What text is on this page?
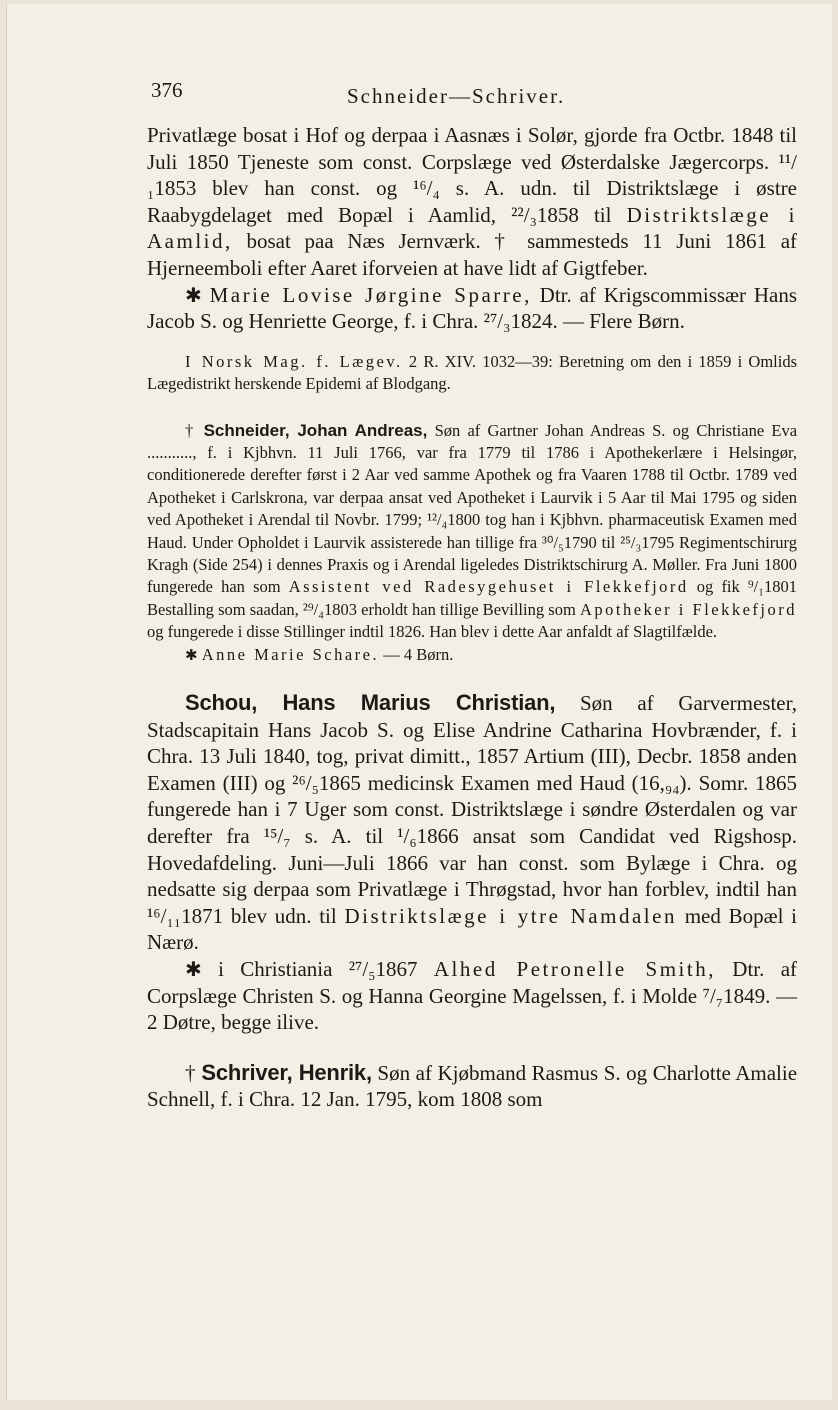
376	Schneider—Schriver.

Privatlæge bosat i Hof og derpaa i Aasnæs i Solør, gjorde fra Octbr. 1848 til Juli 1850 Tjeneste som const. Corpslæge ved Østerdalske Jægercorps. ¹¹/₁1853 blev han const. og ¹⁶/₄ s. A. udn. til Distriktslæge i østre Raabygdelaget med Bopæl i Aamlid, ²²/₃1858 til Distriktslæge i Aamlid, bosat paa Næs Jernværk. † sammesteds 11 Juni 1861 af Hjerneemboli efter Aaret iforveien at have lidt af Gigtfeber.

✱ Marie Lovise Jørgine Sparre, Dtr. af Krigscommissær Hans Jacob S. og Henriette George, f. i Chra. ²⁷/₃1824. — Flere Børn.

I Norsk Mag. f. Lægev. 2 R. XIV. 1032—39: Beretning om den i 1859 i Omlids Lægedistrikt herskende Epidemi af Blodgang.

† Schneider, Johan Andreas, Søn af Gartner Johan Andreas S. og Christiane Eva ..........., f. i Kjbhvn. 11 Juli 1766, var fra 1779 til 1786 i Apothekerlære i Helsingør, conditionerede derefter først i 2 Aar ved samme Apothek og fra Vaaren 1788 til Octbr. 1789 ved Apotheket i Carlskrona, var derpaa ansat ved Apotheket i Laurvik i 5 Aar til Mai 1795 og siden ved Apotheket i Arendal til Novbr. 1799; ¹²/₄1800 tog han i Kjbhvn. pharmaceutisk Examen med Haud. Under Opholdet i Laurvik assisterede han tillige fra ³⁰/₅1790 til ²⁵/₃1795 Regimentschirurg Kragh (Side 254) i dennes Praxis og i Arendal ligeledes Distriktschirurg A. Møller. Fra Juni 1800 fungerede han som Assistent ved Radesygehuset i Flekkefjord og fik ⁹/₁1801 Bestalling som saadan, ²⁹/₄1803 erholdt han tillige Bevilling som Apotheker i Flekkefjord og fungerede i disse Stillinger indtil 1826. Han blev i dette Aar anfaldt af Slagtilfælde.

✱ Anne Marie Schare. — 4 Børn.

Schou, Hans Marius Christian, Søn af Garvermester, Stadscapitain Hans Jacob S. og Elise Andrine Catharina Hovbrænder, f. i Chra. 13 Juli 1840, tog, privat dimitt., 1857 Artium (III), Decbr. 1858 anden Examen (III) og ²⁶/₅1865 medicinsk Examen med Haud (16,₉₄). Somr. 1865 fungerede han i 7 Uger som const. Distriktslæge i søndre Østerdalen og var derefter fra ¹⁵/₇ s. A. til ¹/₆1866 ansat som Candidat ved Rigshosp. Hovedafdeling. Juni—Juli 1866 var han const. som Bylæge i Chra. og nedsatte sig derpaa som Privatlæge i Thrøgstad, hvor han forblev, indtil han ¹⁶/₁₁1871 blev udn. til Distriktslæge i ytre Namdalen med Bopæl i Nærø.

✱ i Christiania ²⁷/₅1867 Alhed Petronelle Smith, Dtr. af Corpslæge Christen S. og Hanna Georgine Magelssen, f. i Molde ⁷/₇1849. — 2 Døtre, begge ilive.

† Schriver, Henrik, Søn af Kjøbmand Rasmus S. og Charlotte Amalie Schnell, f. i Chra. 12 Jan. 1795, kom 1808 som
